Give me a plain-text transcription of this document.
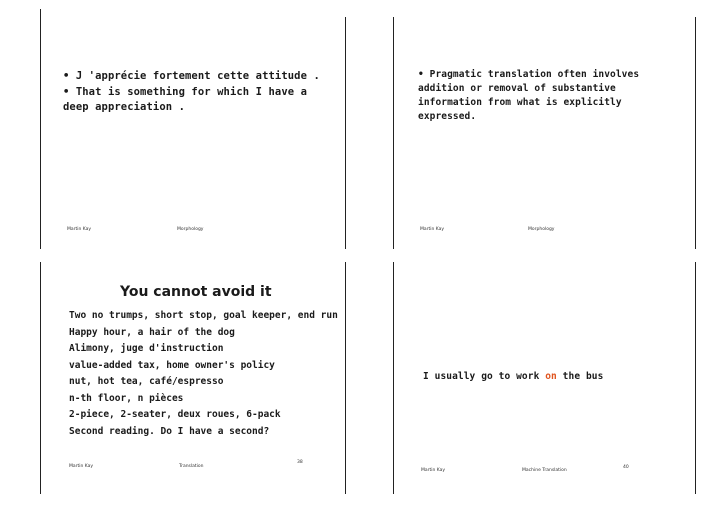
• J 'apprécie fortement cette attitude .
• That is something for which I have a deep appreciation .
Martin Kay	Morphology
• Pragmatic translation often involves addition or removal of substantive information from what is explicitly expressed.
Martin Kay	Morphology
You cannot avoid it
Two no trumps, short stop, goal keeper, end run
Happy hour, a hair of the dog
Alimony, juge d'instruction
value-added tax, home owner's policy
nut, hot tea, café/espresso
n-th floor, n pièces
2-piece, 2-seater, deux roues, 6-pack
Second reading. Do I have a second?
Martin Kay	Translation
38
I usually go to work on the bus
Martin Kay	Machine Translation
40
